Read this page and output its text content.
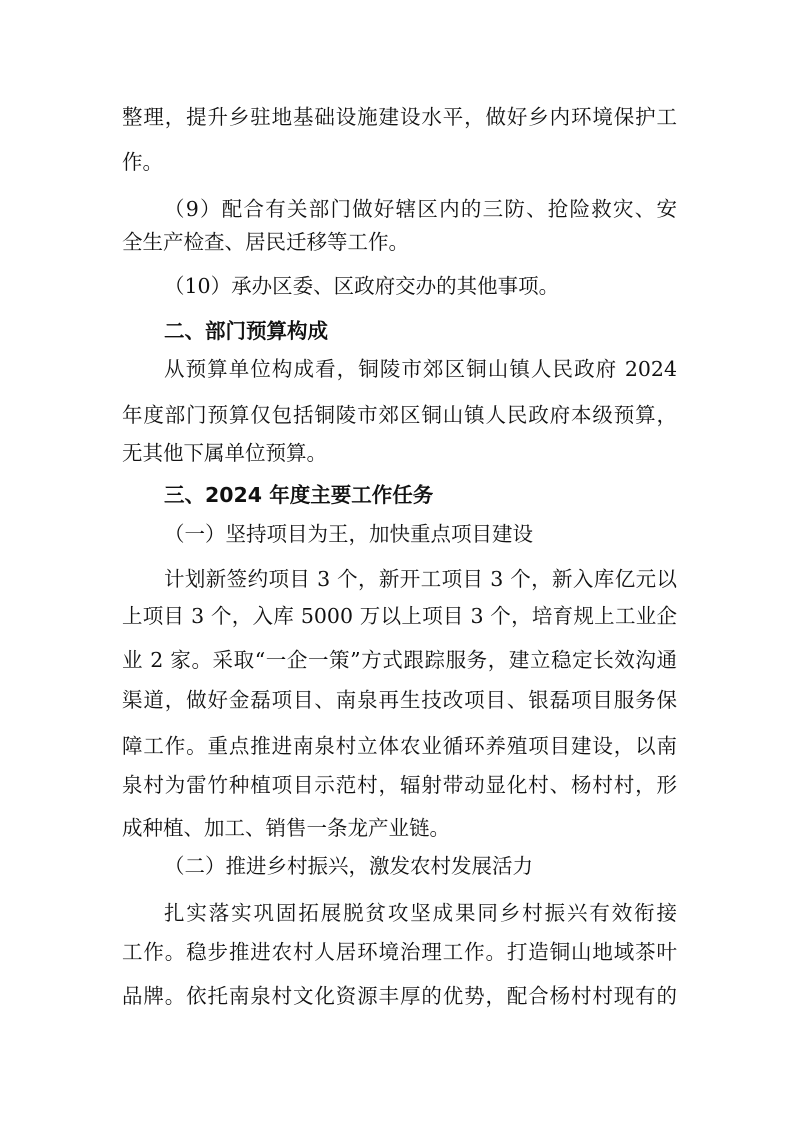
整理，提升乡驻地基础设施建设水平，做好乡内环境保护工
作。
（9）配合有关部门做好辖区内的三防、抢险救灾、安
全生产检查、居民迁移等工作。
（10）承办区委、区政府交办的其他事项。
二、部门预算构成
从预算单位构成看，铜陵市郊区铜山镇人民政府 2024
年度部门预算仅包括铜陵市郊区铜山镇人民政府本级预算，
无其他下属单位预算。
三、2024 年度主要工作任务
（一）坚持项目为王，加快重点项目建设
计划新签约项目 3 个，新开工项目 3 个，新入库亿元以
上项目 3 个，入库 5000 万以上项目 3 个，培育规上工业企
业 2 家。采取“一企一策”方式跟踪服务，建立稳定长效沟通
渠道，做好金磊项目、南泉再生技改项目、银磊项目服务保
障工作。重点推进南泉村立体农业循环养殖项目建设，以南
泉村为雷竹种植项目示范村，辐射带动显化村、杨村村，形
成种植、加工、销售一条龙产业链。
（二）推进乡村振兴，激发农村发展活力
扎实落实巩固拓展脱贫攻坚成果同乡村振兴有效衔接
工作。稳步推进农村人居环境治理工作。打造铜山地域茶叶
品牌。依托南泉村文化资源丰厚的优势，配合杨村村现有的
